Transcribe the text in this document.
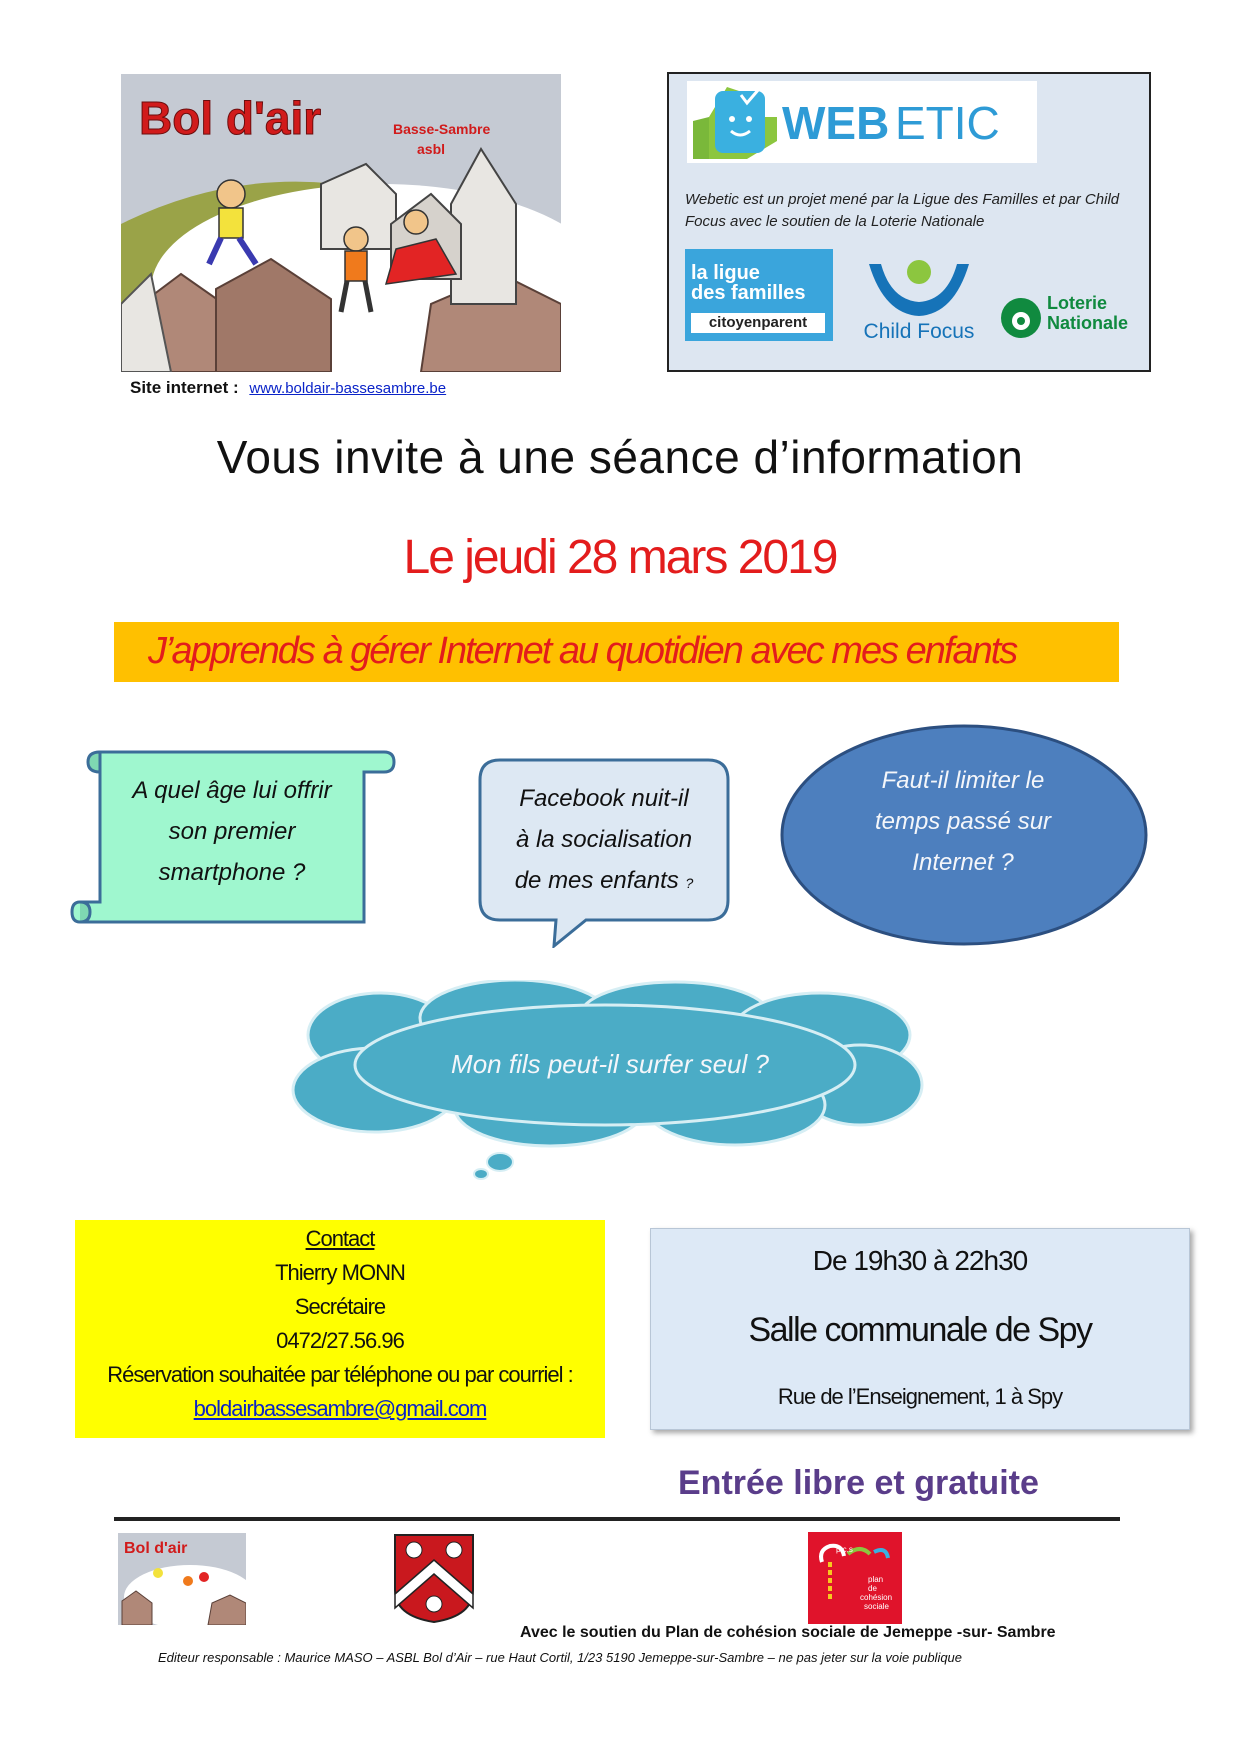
Bol d'air	Basse-Sambre
asbl
Site internet : www.boldair-bassesambre.be
WEB ETIC
Webetic est un projet mené par la Ligue des Familles et par Child Focus avec le soutien de la Loterie Nationale
la ligue
des familles
citoyenparent	Child Focus
Loterie
Nationale
Vous invite à une séance d’information
Le jeudi 28 mars 2019
J’apprends à gérer Internet au quotidien avec mes enfants
A quel âge lui offrir
son premier
smartphone ?
Facebook nuit-il
à la socialisation
de mes enfants ?
Faut-il limiter le
temps passé sur
Internet ?
Mon fils peut-il surfer seul ?
Contact
Thierry MONN
Secrétaire
0472/27.56.96
Réservation souhaitée par téléphone ou par courriel :
boldairbassesambre@gmail.com
De 19h30 à 22h30
Salle communale de Spy
Rue de l’Enseignement, 1 à Spy
Entrée libre et gratuite
Bol d'air	p.c.s
plan
de
cohésion
sociale
Avec le soutien du Plan de cohésion sociale de Jemeppe -sur- Sambre
Editeur responsable : Maurice MASO – ASBL Bol d’Air – rue Haut Cortil, 1/23 5190 Jemeppe-sur-Sambre – ne pas jeter sur la voie publique
